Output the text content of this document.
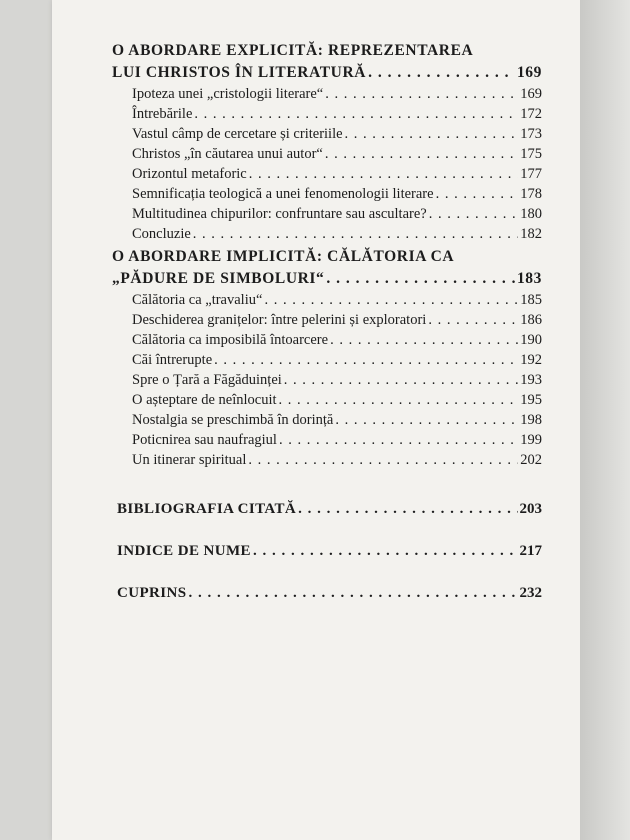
O ABORDARE EXPLICITĂ: REPREZENTAREA
LUI CHRISTOS ÎN LITERATURĂ . . .	169
Ipoteza unei „cristologii literare“ . . .	169
Întrebările . . .	172
Vastul câmp de cercetare și criteriile . . .	173
Christos „în căutarea unui autor“ . . .	175
Orizontul metaforic . . .	177
Semnificația teologică a unei fenomenologii literare . . .	178
Multitudinea chipurilor: confruntare sau ascultare? . . .	180
Concluzie . . .	182
O ABORDARE IMPLICITĂ: CĂLĂTORIA CA
„PĂDURE DE SIMBOLURI“ . . .	183
Călătoria ca „travaliu“ . . .	185
Deschiderea granițelor: între pelerini și exploratori . . .	186
Călătoria ca imposibilă întoarcere . . .	190
Căi întrerupte . . .	192
Spre o Țară a Făgăduinței . . .	193
O așteptare de neînlocuit . . .	195
Nostalgia se preschimbă în dorință . . .	198
Poticnirea sau naufragiul . . .	199
Un itinerar spiritual . . .	202
BIBLIOGRAFIA CITATĂ . . .	203
INDICE DE NUME . . .	217
CUPRINS . . .	232
